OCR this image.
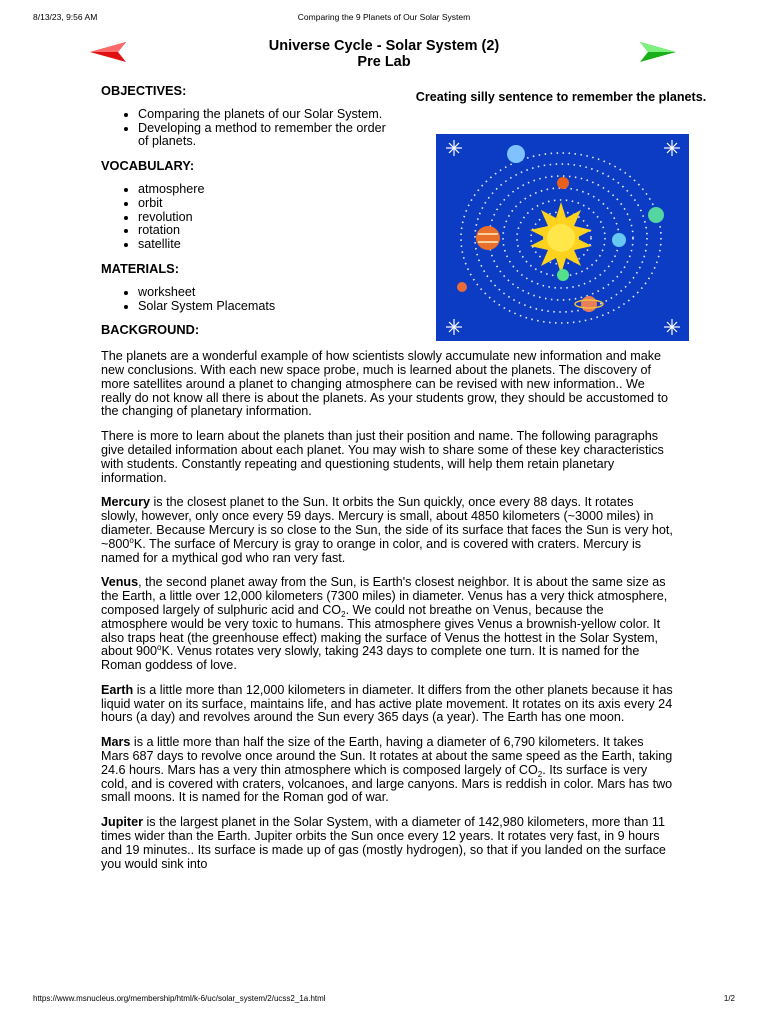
8/13/23, 9:56 AM	Comparing the 9 Planets of Our Solar System
Universe Cycle - Solar System (2)
Pre Lab
Creating silly sentence to remember the planets.
OBJECTIVES:
• Comparing the planets of our Solar System.
• Developing a method to remember the order of planets.
VOCABULARY:
• atmosphere
• orbit
• revolution
• rotation
• satellite
MATERIALS:
• worksheet
• Solar System Placemats
BACKGROUND:

The planets are a wonderful example of how scientists slowly accumulate new information and make new conclusions. With each new space probe, much is learned about the planets. The discovery of more satellites around a planet to changing atmosphere can be revised with new information.. We really do not know all there is about the planets. As your students grow, they should be accustomed to the changing of planetary information.

There is more to learn about the planets than just their position and name. The following paragraphs give detailed information about each planet. You may wish to share some of these key characteristics with students. Constantly repeating and questioning students, will help them retain planetary information.

Mercury is the closest planet to the Sun. It orbits the Sun quickly, once every 88 days. It rotates slowly, however, only once every 59 days. Mercury is small, about 4850 kilometers (~3000 miles) in diameter. Because Mercury is so close to the Sun, the side of its surface that faces the Sun is very hot, ~800$^o$K. The surface of Mercury is gray to orange in color, and is covered with craters. Mercury is named for a mythical god who ran very fast.

Venus, the second planet away from the Sun, is Earth's closest neighbor. It is about the same size as the Earth, a little over 12,000 kilometers (7300 miles) in diameter. Venus has a very thick atmosphere, composed largely of sulphuric acid and $CO_2$. We could not breathe on Venus, because the atmosphere would be very toxic to humans. This atmosphere gives Venus a brownish-yellow color. It also traps heat (the greenhouse effect) making the surface of Venus the hottest in the Solar System, about 900$^o$K. Venus rotates very slowly, taking 243 days to complete one turn. It is named for the Roman goddess of love.

Earth is a little more than 12,000 kilometers in diameter. It differs from the other planets because it has liquid water on its surface, maintains life, and has active plate movement. It rotates on its axis every 24 hours (a day) and revolves around the Sun every 365 days (a year). The Earth has one moon.

Mars is a little more than half the size of the Earth, having a diameter of 6,790 kilometers. It takes Mars 687 days to revolve once around the Sun. It rotates at about the same speed as the Earth, taking 24.6 hours. Mars has a very thin atmosphere which is composed largely of $CO_2$. Its surface is very cold, and is covered with craters, volcanoes, and large canyons. Mars is reddish in color. Mars has two small moons. It is named for the Roman god of war.

Jupiter is the largest planet in the Solar System, with a diameter of 142,980 kilometers, more than 11 times wider than the Earth. Jupiter orbits the Sun once every 12 years. It rotates very fast, in 9 hours and 19 minutes.. Its surface is made up of gas (mostly hydrogen), so that if you landed on the surface you would sink into

https://www.msnucleus.org/membership/html/k-6/uc/solar_system/2/ucss2_1a.html	1/2
